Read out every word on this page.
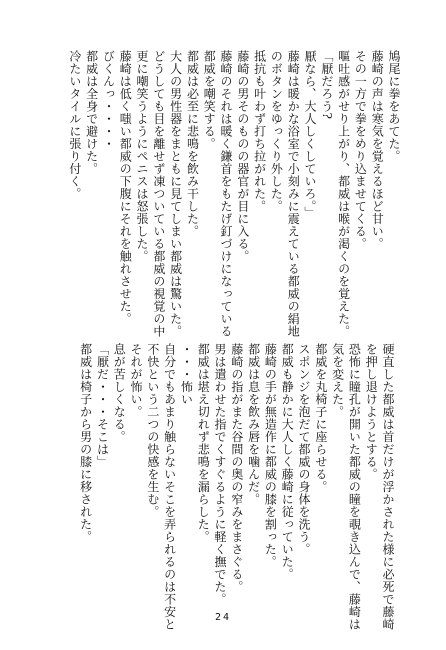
鳩尾に拳をあてた。
藤崎の声は寒気を覚えるほど甘い。
その一方で拳をめり込ませてくる。
嘔吐感がせり上がり、都威は喉が渇くのを覚えた。
「厭だろう?
厭なら、大人しくしていろ。」
藤崎は暖かな浴室で小刻みに震えている都威の絹地
のボタンをゆっくり外した。
抵抗も叶わず打ち拉がれた。
藤崎の男そのものの器官が目に入る。
藤崎のそれは暖く鎌首をもたげ釘づけになっている
都威を嘲笑する。
都威は必至に悲鳴を飲み干した。
大人の男性器をまともに見てしまい都威は驚いた。
どうしても目を離せず凍ついている都威の視覚の中
更に嘲笑うようにペニスは怒張した。
藤崎は低く嗤い都威の下腹にそれを触れさせた。
びくんっ・・・・
都威は全身で避けた。
冷たいタイルに張り付く。
硬直した都威は首だけが浮かされた様に必死で藤崎
を押し退けようとする。
恐怖に瞳孔が開いた都威の瞳を覗き込んで、藤崎は
気を変えた。
都威を丸椅子に座らせる。
スポンジを泡だて都威の身体を洗う。
都威も静かに大人しく藤崎に従っていた。
藤崎の手が無造作に都威の膝を割った。
都威は息を飲み唇を噛んだ。
藤崎の指がまた谷間の奥の窄みをまさぐる。
男は遣わせた指でくすぐるように軽く撫でた。
都威は堪え切れず悲鳴を漏らした。
・・・怖い
自分でもあまり触らないそこを弄られるのは不安と
不快という二つの快感を生む。
それが怖い。
息が苦しくなる。
「厭だ・・・そこは」
都威は椅子から男の膝に移された。
24
